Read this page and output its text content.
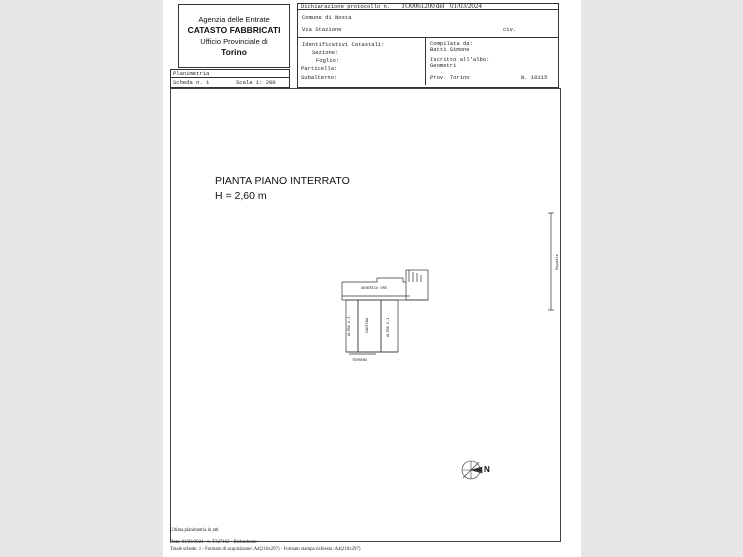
Agenzia delle Entrate
CATASTO FABBRICATI
Ufficio Provinciale di
Torino
Planimetria
Scheda n. 1	Scala 1: 200
Dichiarazione protocollo n. TO0061200 del 01/03/2024
Comune di Nosta
Via Stazione	civ.
Identificativi Catastali:
Sezione:
Foglio:
Particella:
Subalterno:
Compilata da:
Batti Simone
Iscritto all'albo:
Geometri
Prov. Torino	N. 10115
PIANTA PIANO INTERRATO
H = 2,60 m
GENERICO ORE
TERRENO
ALTRA U.I.	CANTINA	ALTRA U.I.
Mappale
N
Ultima planimetria in atti
Data: 01/03/2024 - n. T327162 - Richiedente:
Totale schede: 1 - Formato di acquisizione: A4(210x297) - Formato stampa richiesto: A4(210x297)
